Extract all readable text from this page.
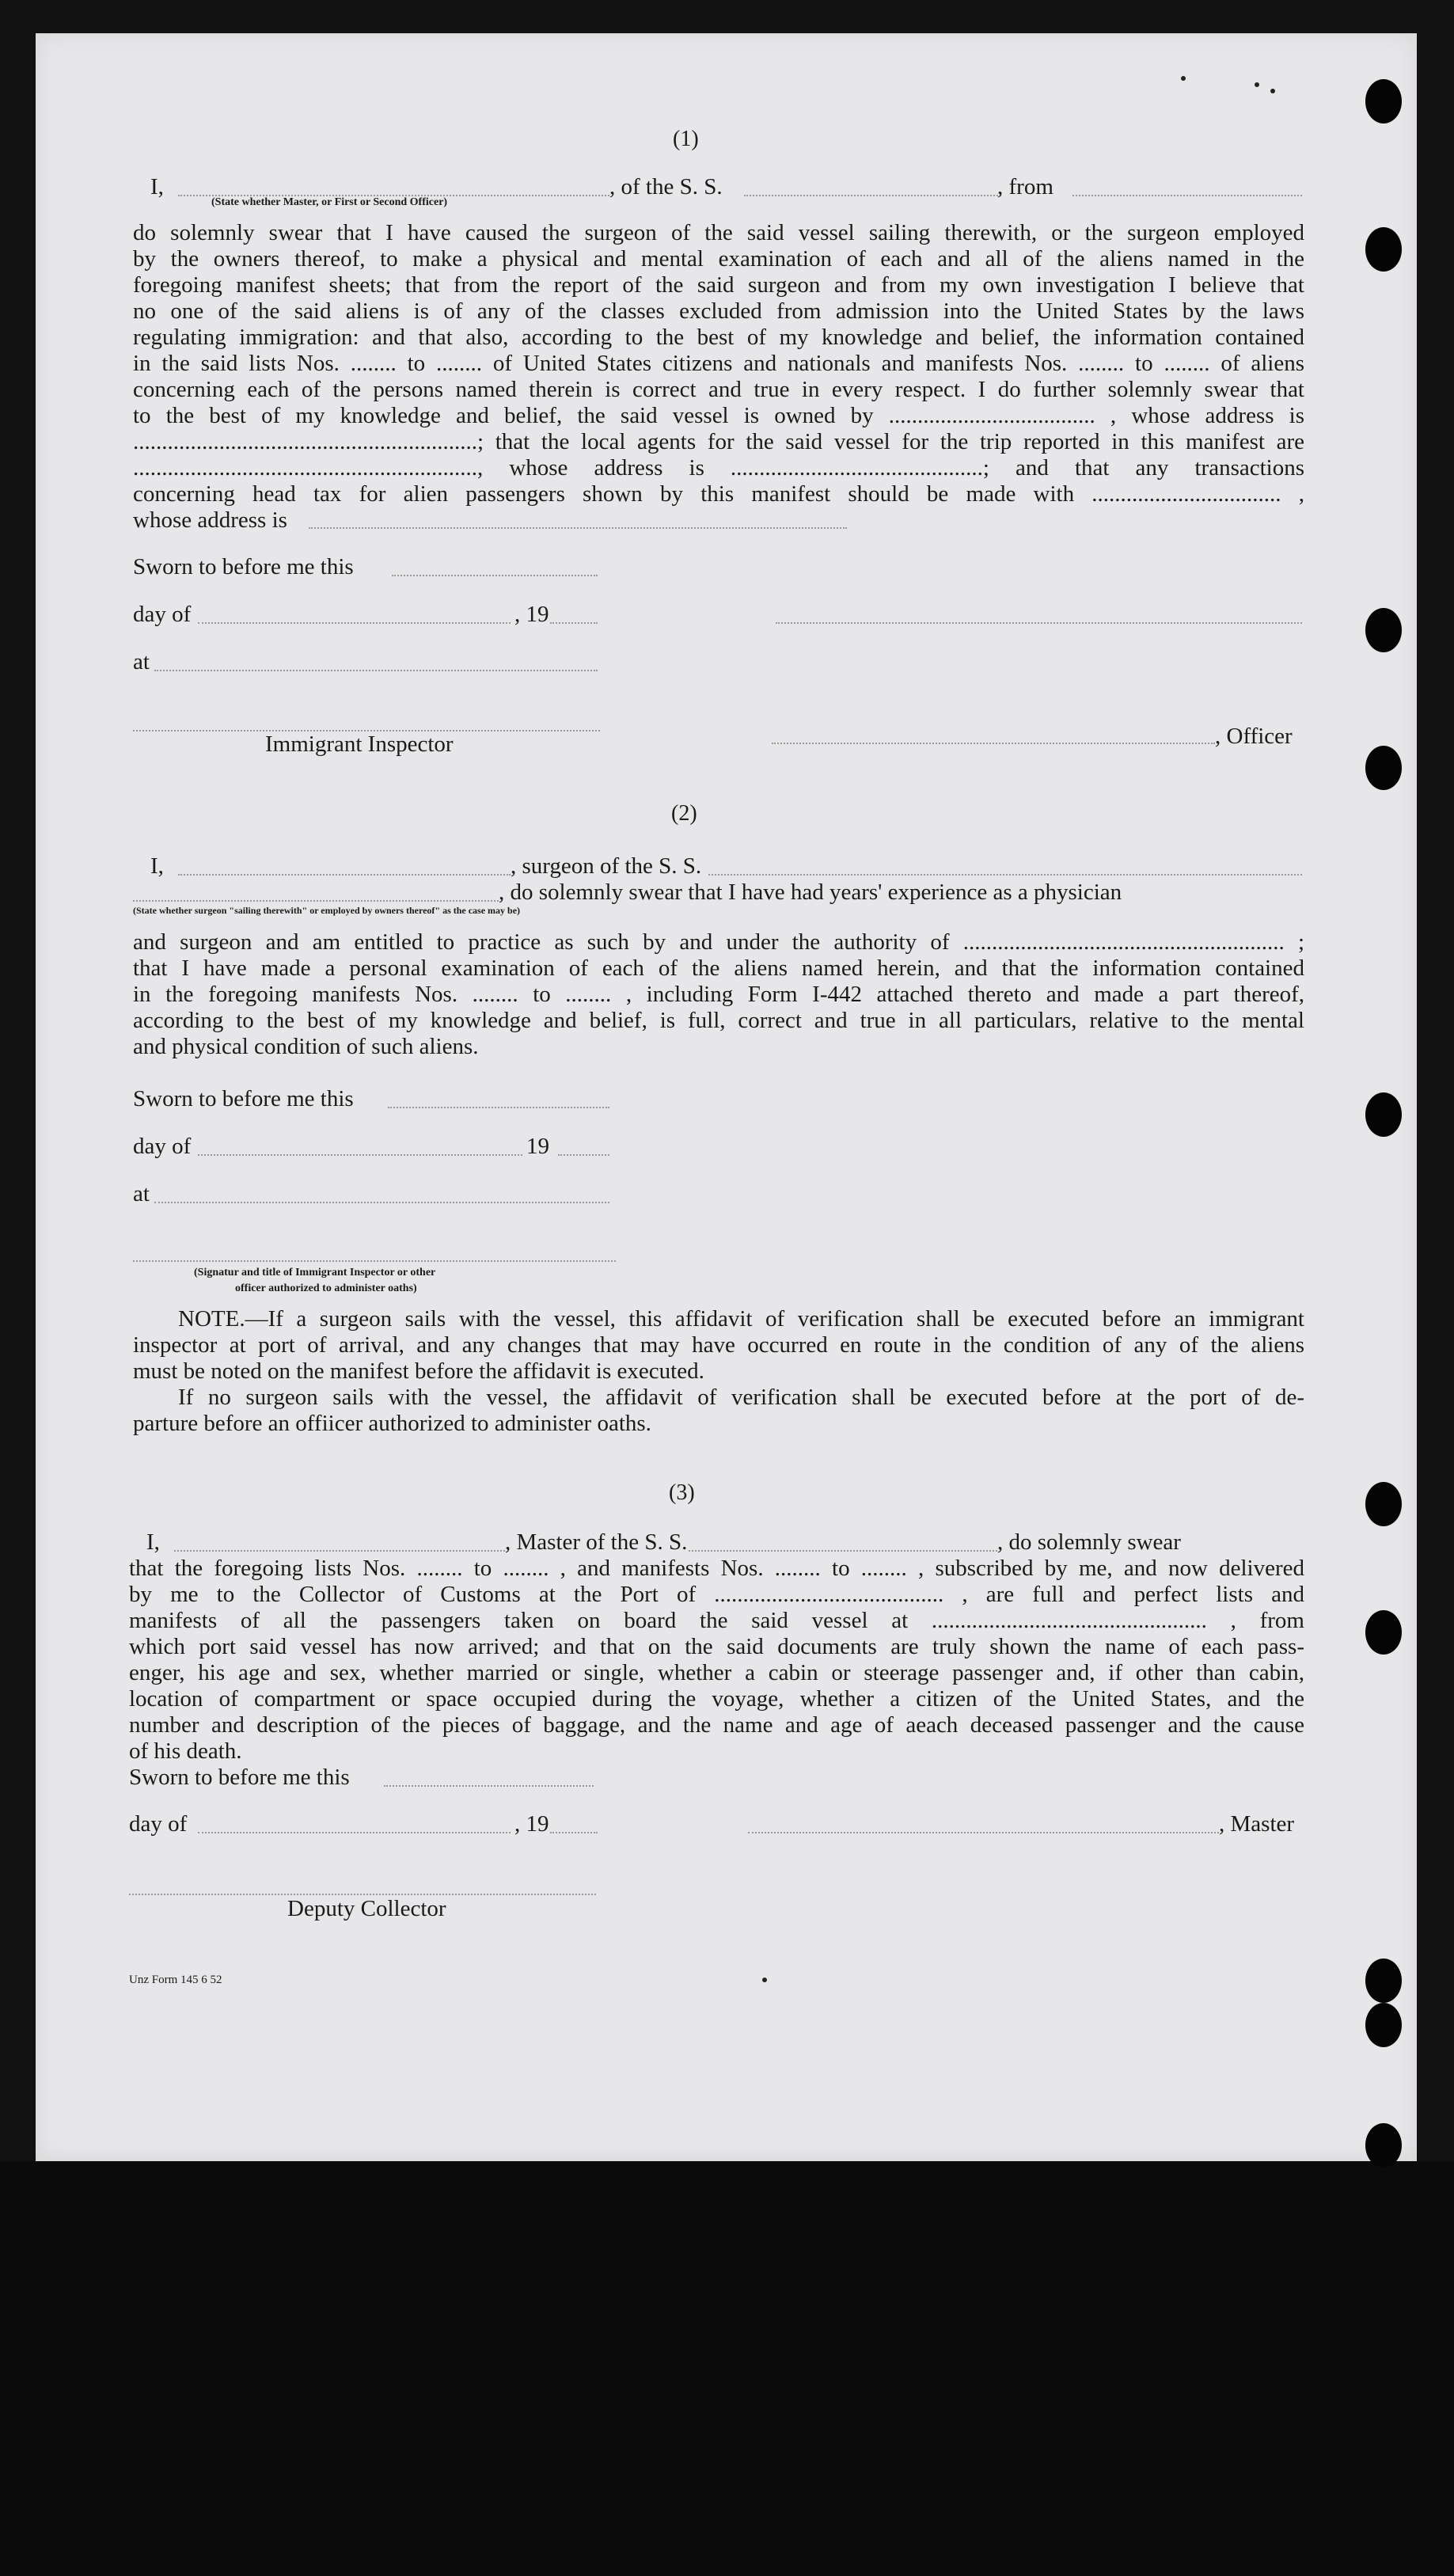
(1)
I,	, of the S. S.	, from
(State whether Master, or First or Second Officer)
do solemnly swear that I have caused the surgeon of the said vessel sailing therewith, or the surgeon employed
by the owners thereof, to make a physical and mental examination of each and all of the aliens named in the
foregoing manifest sheets; that from the report of the said surgeon and from my own investigation I believe that
no one of the said aliens is of any of the classes excluded from admission into the United States by the laws
regulating immigration: and that also, according to the best of my knowledge and belief, the information contained
in the said lists Nos. ........ to ........ of United States citizens and nationals and manifests Nos. ........ to ........ of aliens
concerning each of the persons named therein is correct and true in every respect. I do further solemnly swear that
to the best of my knowledge and belief, the said vessel is owned by .................................... , whose address is
............................................................; that the local agents for the said vessel for the trip reported in this manifest are
............................................................, whose address is ............................................; and that any transactions
concerning head tax for alien passengers shown by this manifest should be made with ................................. ,
whose address is
Sworn to before me this
day of	, 19
at
Immigrant Inspector	, Officer
(2)
I,	, surgeon of the S. S.
, do solemnly swear that I have had years' experience as a physician
(State whether surgeon "sailing therewith" or employed by owners thereof" as the case may be)
and surgeon and am entitled to practice as such by and under the authority of ........................................................ ;
that I have made a personal examination of each of the aliens named herein, and that the information contained
in the foregoing manifests Nos. ........ to ........ , including Form I-442 attached thereto and made a part thereof,
according to the best of my knowledge and belief, is full, correct and true in all particulars, relative to the mental
and physical condition of such aliens.
Sworn to before me this
day of	19
at
(Signatur and title of Immigrant Inspector or other
officer authorized to administer oaths)
NOTE.—If a surgeon sails with the vessel, this affidavit of verification shall be executed before an immigrant
inspector at port of arrival, and any changes that may have occurred en route in the condition of any of the aliens
must be noted on the manifest before the affidavit is executed.
If no surgeon sails with the vessel, the affidavit of verification shall be executed before at the port of de-
parture before an offiicer authorized to administer oaths.
(3)
I,	, Master of the S. S.	, do solemnly swear
that the foregoing lists Nos. ........ to ........ , and manifests Nos. ........ to ........ , subscribed by me, and now delivered
by me to the Collector of Customs at the Port of ........................................ , are full and perfect lists and
manifests of all the passengers taken on board the said vessel at ................................................ , from
which port said vessel has now arrived; and that on the said documents are truly shown the name of each pass-
enger, his age and sex, whether married or single, whether a cabin or steerage passenger and, if other than cabin,
location of compartment or space occupied during the voyage, whether a citizen of the United States, and the
number and description of the pieces of baggage, and the name and age of aeach deceased passenger and the cause
of his death.
Sworn to before me this
day of	, 19	, Master
Deputy Collector
Unz Form 145 6 52
